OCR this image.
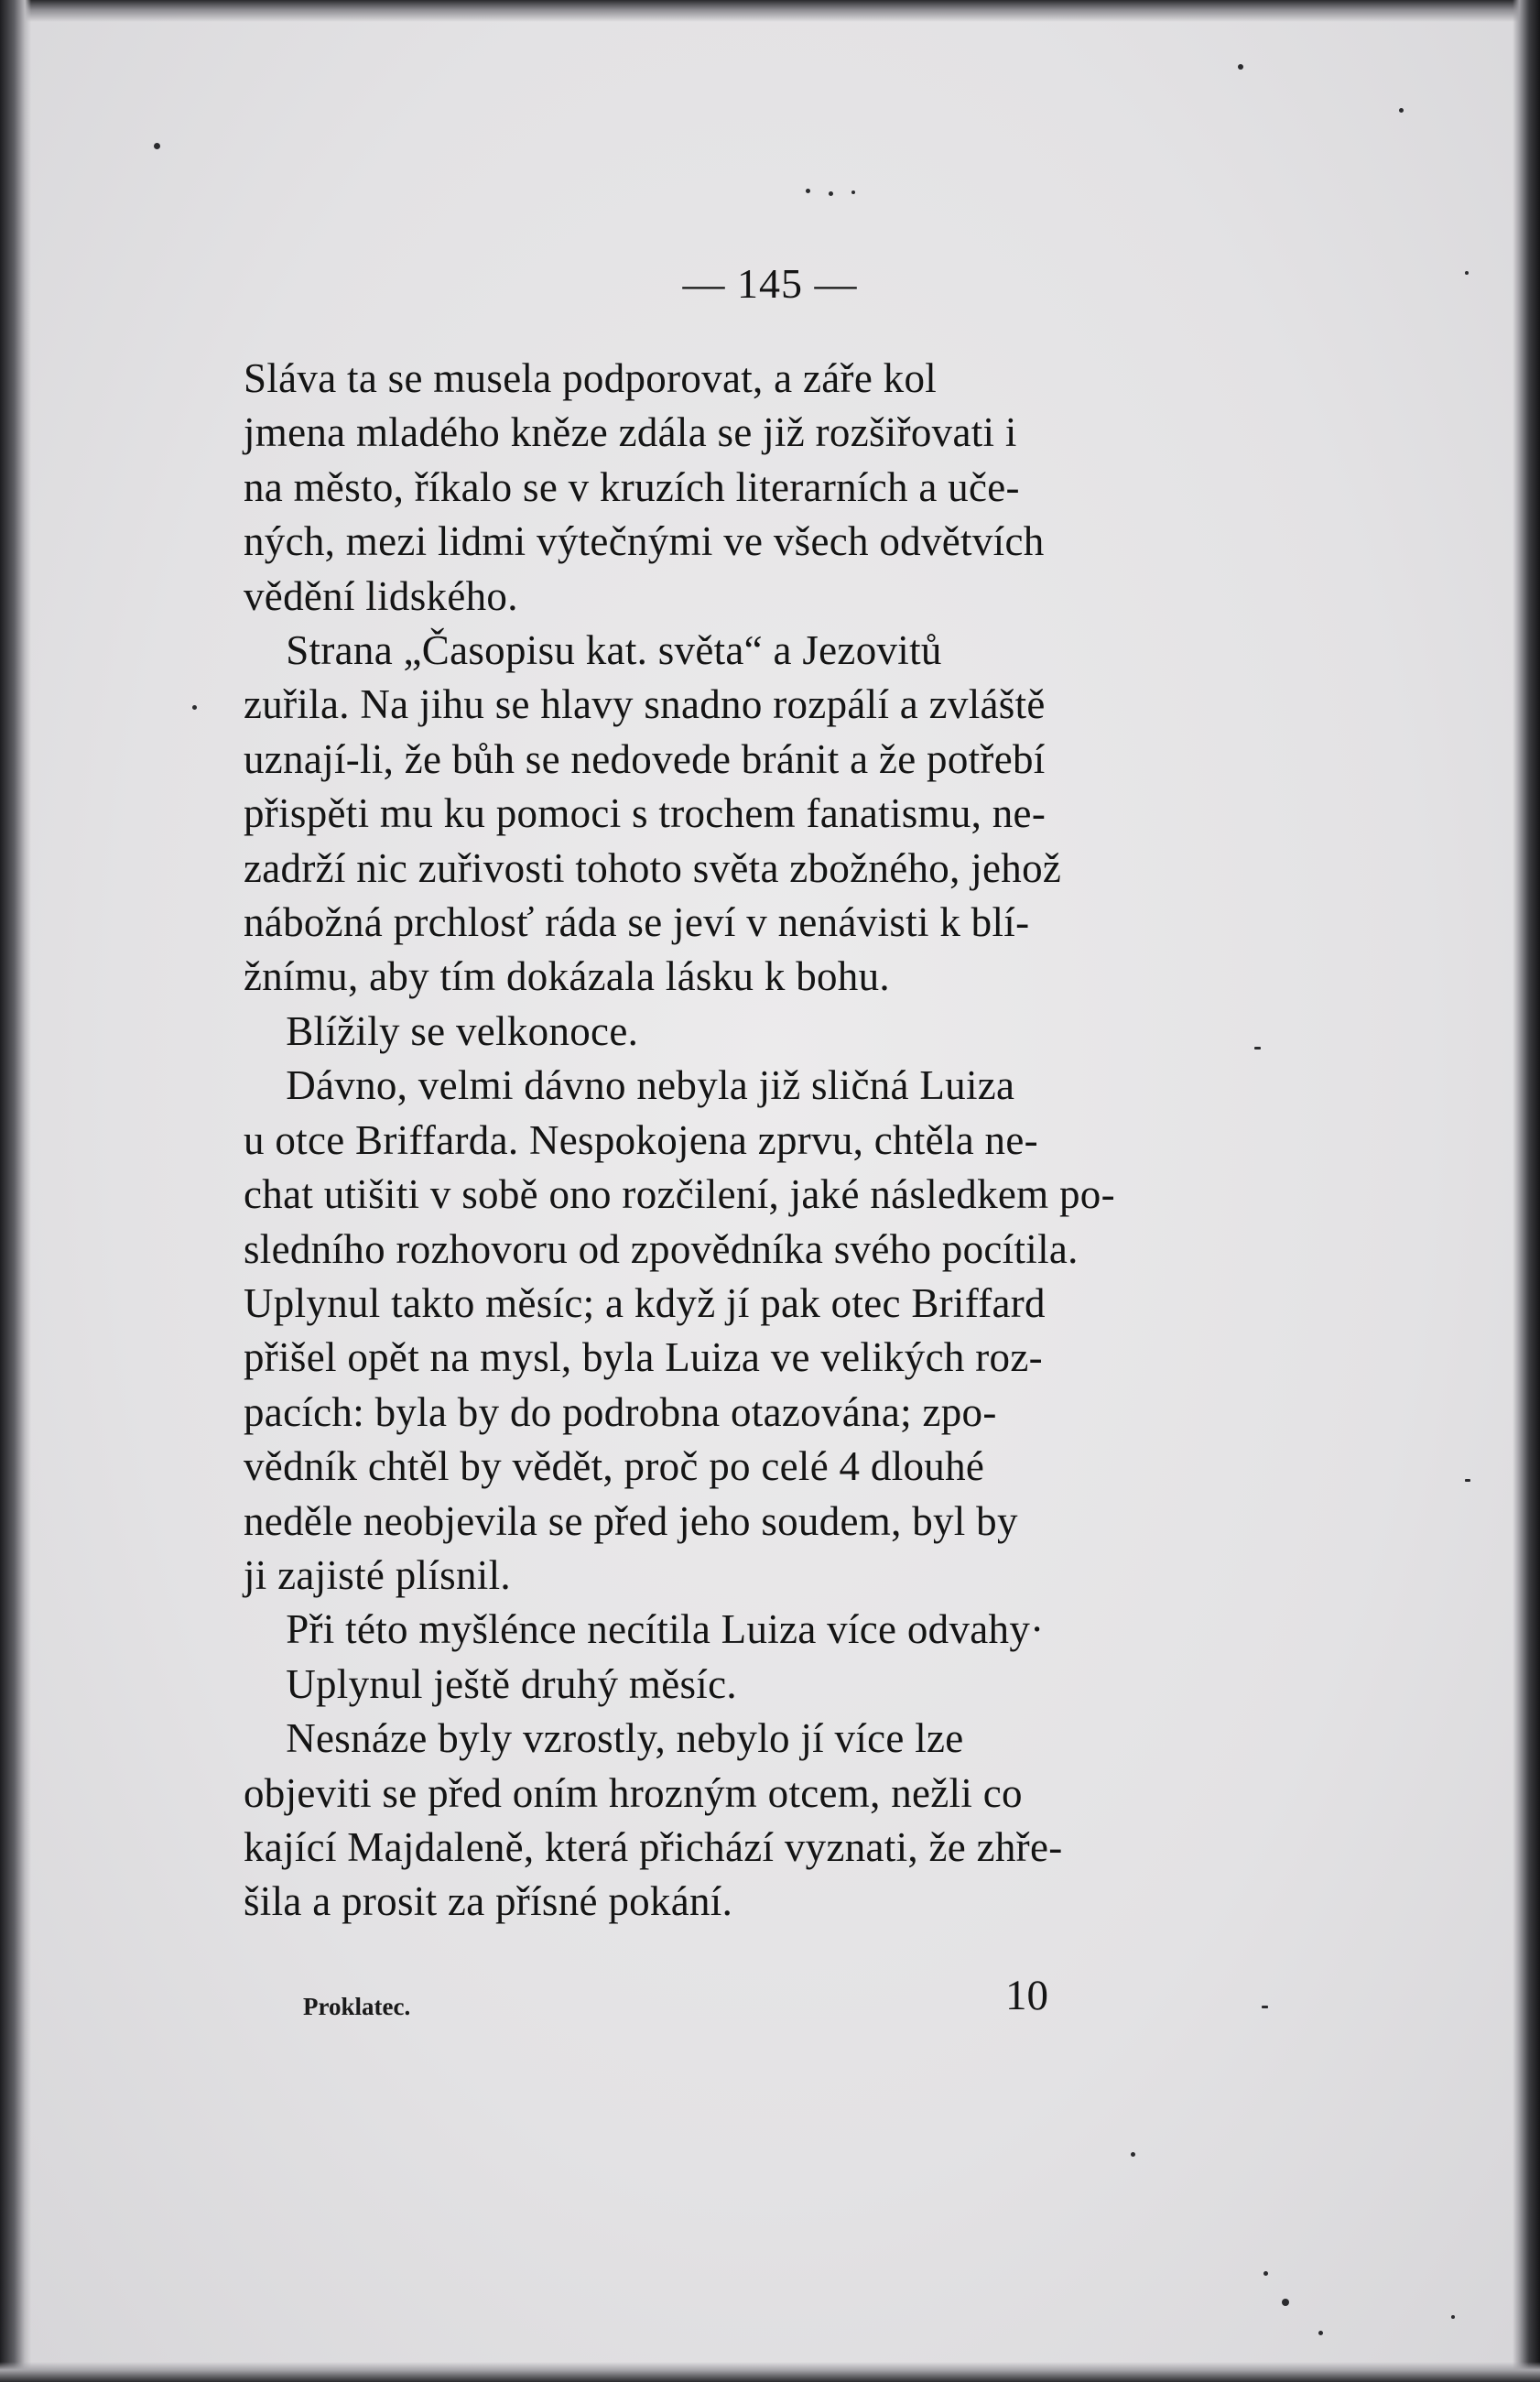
— 145 —
Sláva ta se musela podporovat, a záře kol
jmena mladého kněze zdála se již rozšiřovati i
na město, říkalo se v kruzích literarních a uče-
ných, mezi lidmi výtečnými ve všech odvětvích
vědění lidského.
Strana „Časopisu kat. světa“ a Jezovitů
zuřila. Na jihu se hlavy snadno rozpálí a zvláště
uznají-li, že bůh se nedovede bránit a že potřebí
přispěti mu ku pomoci s trochem fanatismu, ne-
zadrží nic zuřivosti tohoto světa zbožného, jehož
nábožná prchlosť ráda se jeví v nenávisti k blí-
žnímu, aby tím dokázala lásku k bohu.
Blížily se velkonoce.
Dávno, velmi dávno nebyla již sličná Luiza
u otce Briffarda. Nespokojena zprvu, chtěla ne-
chat utišiti v sobě ono rozčilení, jaké následkem po-
sledního rozhovoru od zpovědníka svého pocítila.
Uplynul takto měsíc; a když jí pak otec Briffard
přišel opět na mysl, byla Luiza ve velikých roz-
pacích: byla by do podrobna otazována; zpo-
vědník chtěl by vědět, proč po celé 4 dlouhé
neděle neobjevila se před jeho soudem, byl by
ji zajisté plísnil.
Při této myšlénce necítila Luiza více odvahy·
Uplynul ještě druhý měsíc.
Nesnáze byly vzrostly, nebylo jí více lze
objeviti se před oním hrozným otcem, nežli co
kající Majdaleně, která přichází vyznati, že zhře-
šila a prosit za přísné pokání.
Proklatec.	10
